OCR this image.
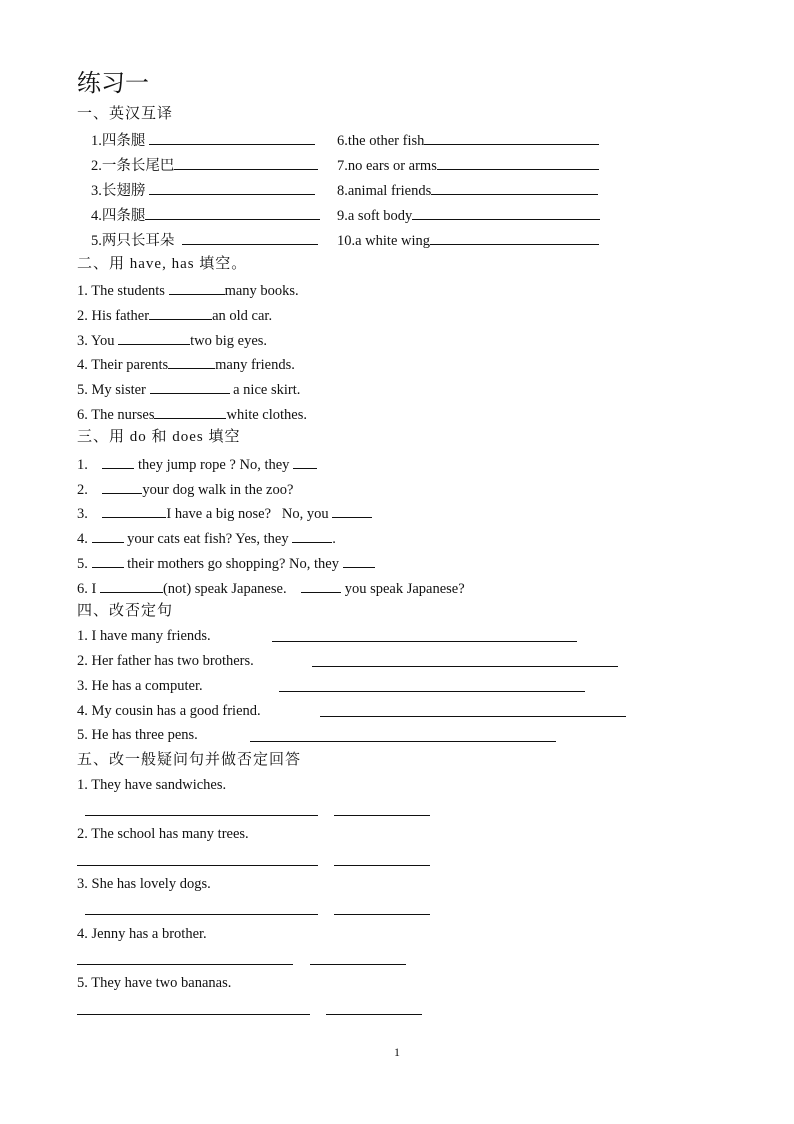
练习一
一、英汉互译
1.四条腿	6.the other fish
2.一条长尾巴	7.no ears or arms
3.长翅膀	8.animal friends
4.四条腿	9.a soft body
5.两只长耳朵	10.a white wing
二、用 have, has 填空。
1. The students	many books.
2. His father	an old car.
3. You	two big eyes.
4. Their parents	many friends.
5. My sister	a nice skirt.
6. The nurses	white clothes.
三、用 do 和 does 填空
1.	they jump rope ? No, they
2.	your dog walk in the zoo?
3.	I have a big nose?   No, you
4.  your cats eat fish? Yes, they	.
5.  their mothers go shopping? No, they
6. I	(not) speak Japanese.	you speak Japanese?
四、改否定句
1. I have many friends.
2. Her father has two brothers.
3. He has a computer.
4. My cousin has a good friend.
5. He has three pens.
五、改一般疑问句并做否定回答
1. They have sandwiches.
2. The school has many trees.
3. She has lovely dogs.
4. Jenny has a brother.
5. They have two bananas.
1
